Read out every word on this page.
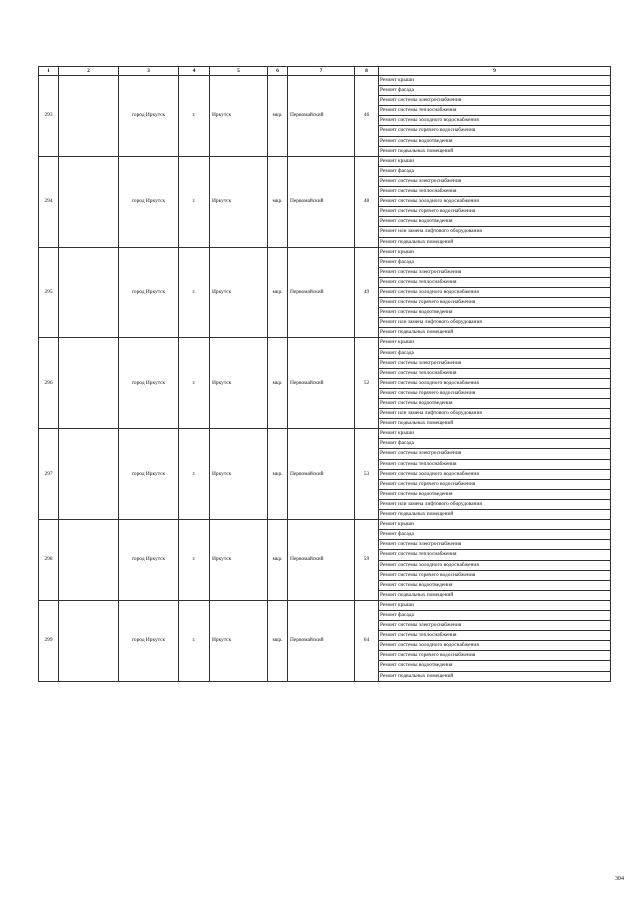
1	2	3	4	5	6	7	8	9
293		город Иркутск	г.	Иркутск	мкр.	Первомайский	46	Ремонт крыши
								Ремонт фасада
								Ремонт системы электроснабжения
								Ремонт системы теплоснабжения
								Ремонт системы холодного водоснабжения
								Ремонт системы горячего водоснабжения
								Ремонт системы водоотведения
								Ремонт подвальных помещений
294		город Иркутск	г.	Иркутск	мкр.	Первомайский	48	Ремонт крыши
								Ремонт фасада
								Ремонт системы электроснабжения
								Ремонт системы теплоснабжения
								Ремонт системы холодного водоснабжения
								Ремонт системы горячего водоснабжения
								Ремонт системы водоотведения
								Ремонт или замена лифтового оборудования
								Ремонт подвальных помещений
295		город Иркутск	г.	Иркутск	мкр.	Первомайский	49	Ремонт крыши
								Ремонт фасада
								Ремонт системы электроснабжения
								Ремонт системы теплоснабжения
								Ремонт системы холодного водоснабжения
								Ремонт системы горячего водоснабжения
								Ремонт системы водоотведения
								Ремонт или замена лифтового оборудования
								Ремонт подвальных помещений
296		город Иркутск	г.	Иркутск	мкр.	Первомайский	52	Ремонт крыши
								Ремонт фасада
								Ремонт системы электроснабжения
								Ремонт системы теплоснабжения
								Ремонт системы холодного водоснабжения
								Ремонт системы горячего водоснабжения
								Ремонт системы водоотведения
								Ремонт или замена лифтового оборудования
								Ремонт подвальных помещений
297		город Иркутск	г.	Иркутск	мкр.	Первомайский	53	Ремонт крыши
								Ремонт фасада
								Ремонт системы электроснабжения
								Ремонт системы теплоснабжения
								Ремонт системы холодного водоснабжения
								Ремонт системы горячего водоснабжения
								Ремонт системы водоотведения
								Ремонт или замена лифтового оборудования
								Ремонт подвальных помещений
298		город Иркутск	г.	Иркутск	мкр.	Первомайский	59	Ремонт крыши
								Ремонт фасада
								Ремонт системы электроснабжения
								Ремонт системы теплоснабжения
								Ремонт системы холодного водоснабжения
								Ремонт системы горячего водоснабжения
								Ремонт системы водоотведения
								Ремонт подвальных помещений
299		город Иркутск	г.	Иркутск	мкр.	Первомайский	64	Ремонт крыши
								Ремонт фасада
								Ремонт системы электроснабжения
								Ремонт системы теплоснабжения
								Ремонт системы холодного водоснабжения
								Ремонт системы горячего водоснабжения
								Ремонт системы водоотведения
								Ремонт подвальных помещений
304
